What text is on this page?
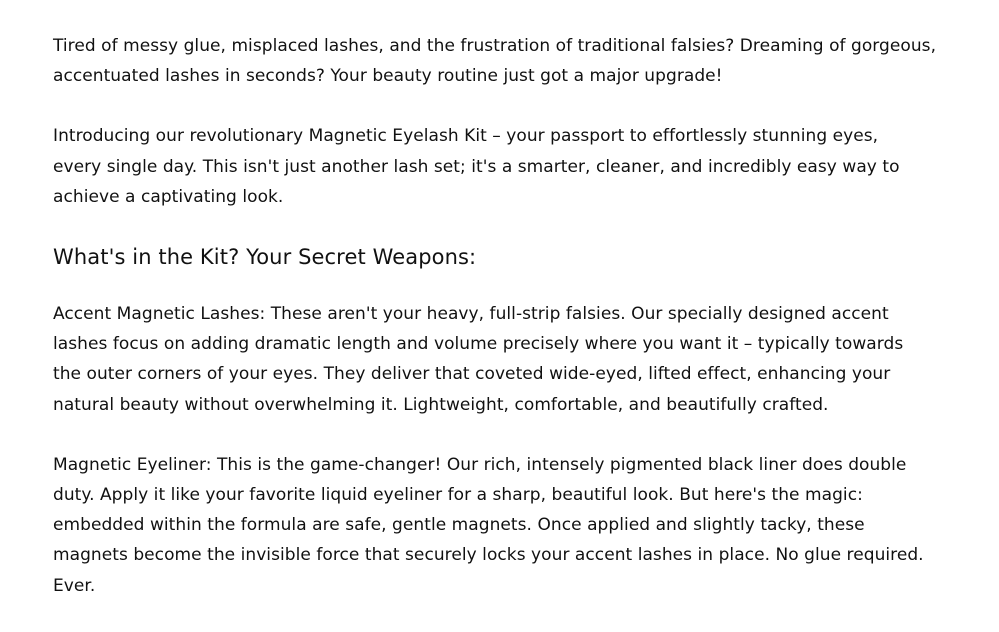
Tired of messy glue, misplaced lashes, and the frustration of traditional falsies? Dreaming of gorgeous,
accentuated lashes in seconds? Your beauty routine just got a major upgrade!

Introducing our revolutionary Magnetic Eyelash Kit – your passport to effortlessly stunning eyes,
every single day. This isn't just another lash set; it's a smarter, cleaner, and incredibly easy way to
achieve a captivating look.

What's in the Kit? Your Secret Weapons:

Accent Magnetic Lashes: These aren't your heavy, full-strip falsies. Our specially designed accent
lashes focus on adding dramatic length and volume precisely where you want it – typically towards
the outer corners of your eyes. They deliver that coveted wide-eyed, lifted effect, enhancing your
natural beauty without overwhelming it. Lightweight, comfortable, and beautifully crafted.

Magnetic Eyeliner: This is the game-changer! Our rich, intensely pigmented black liner does double
duty. Apply it like your favorite liquid eyeliner for a sharp, beautiful look. But here's the magic:
embedded within the formula are safe, gentle magnets. Once applied and slightly tacky, these
magnets become the invisible force that securely locks your accent lashes in place. No glue required.
Ever.
